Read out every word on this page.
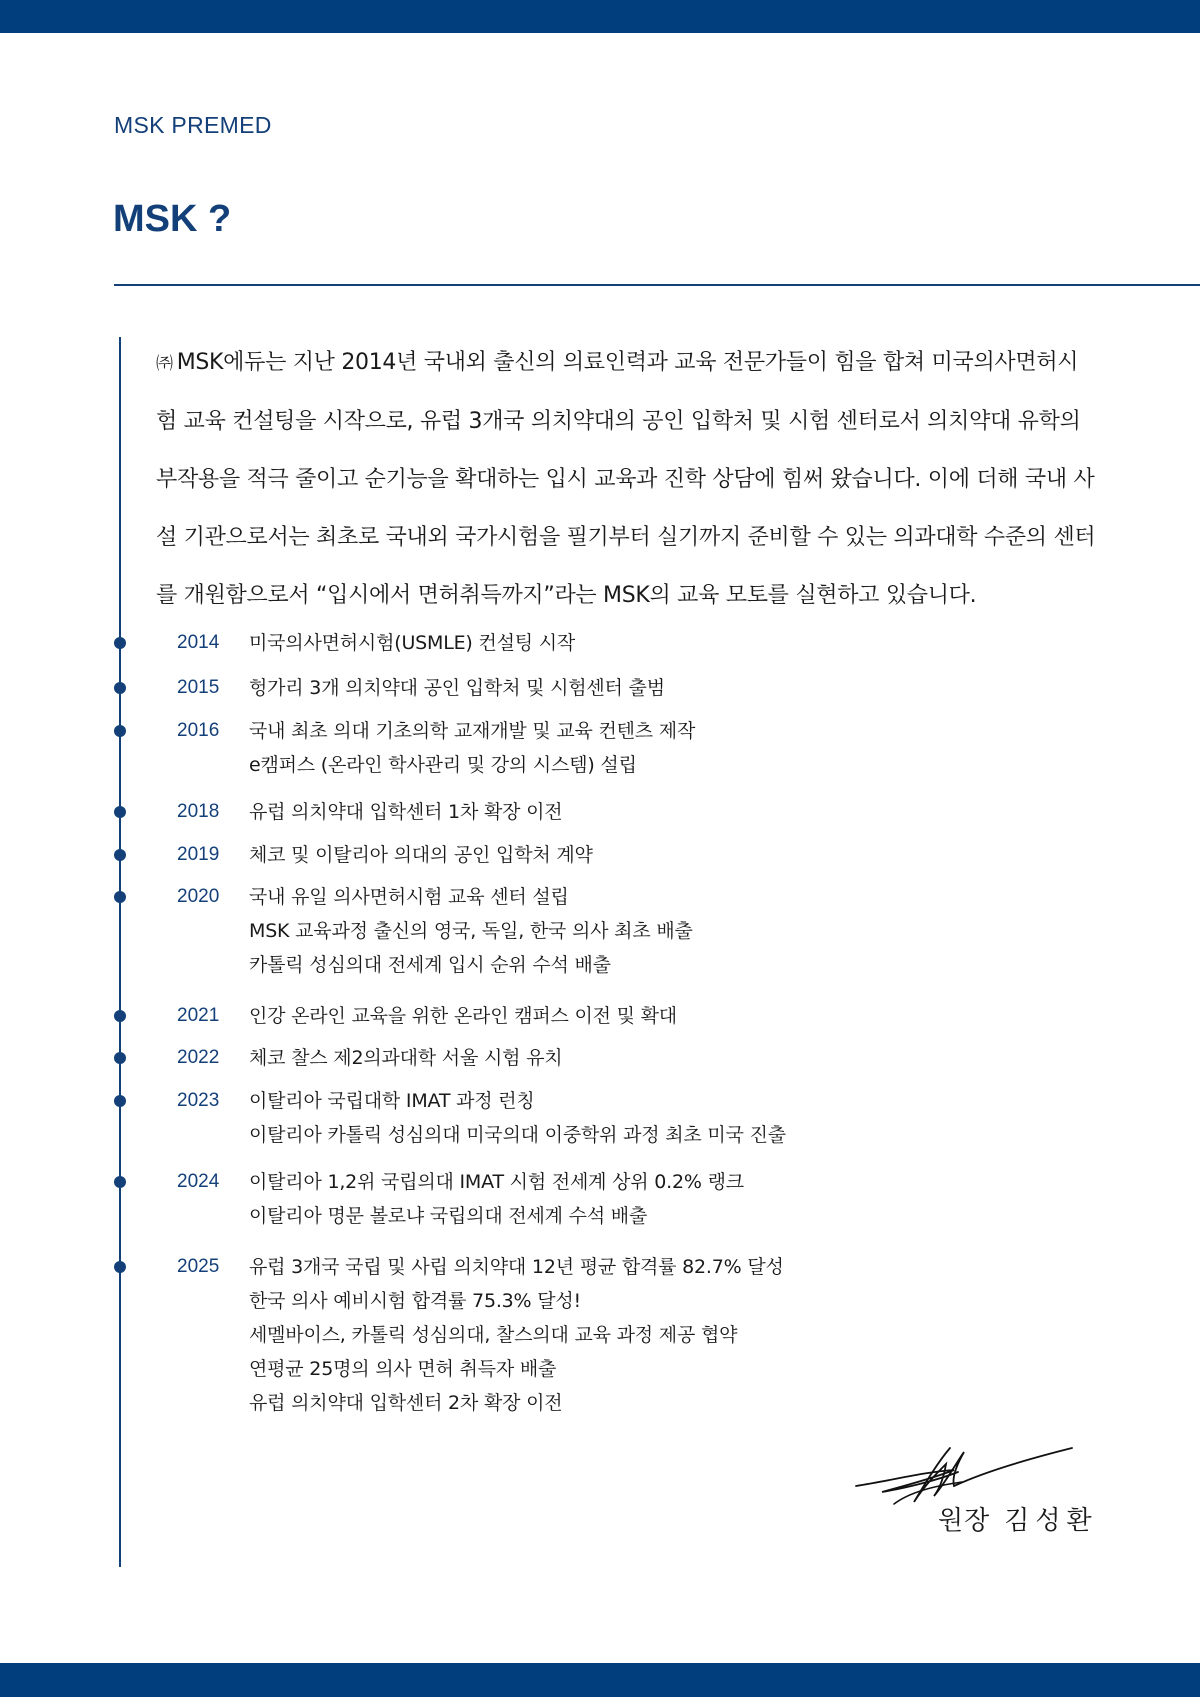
MSK PREMED
MSK ?

㈜ MSK에듀는 지난 2014년 국내외 출신의 의료인력과 교육 전문가들이 힘을 합쳐 미국의사면허시험 교육 컨설팅을 시작으로, 유럽 3개국 의치약대의 공인 입학처 및 시험 센터로서 의치약대 유학의 부작용을 적극 줄이고 순기능을 확대하는 입시 교육과 진학 상담에 힘써 왔습니다. 이에 더해 국내 사설 기관으로서는 최초로 국내외 국가시험을 필기부터 실기까지 준비할 수 있는 의과대학 수준의 센터를 개원함으로서 “입시에서 면허취득까지”라는 MSK의 교육 모토를 실현하고 있습니다.

2014 미국의사면허시험(USMLE) 컨설팅 시작
2015 헝가리 3개 의치약대 공인 입학처 및 시험센터 출범
2016 국내 최초 의대 기초의학 교재개발 및 교육 컨텐츠 제작
e캠퍼스 (온라인 학사관리 및 강의 시스템) 설립
2018 유럽 의치약대 입학센터 1차 확장 이전
2019 체코 및 이탈리아 의대의 공인 입학처 계약
2020 국내 유일 의사면허시험 교육 센터 설립
MSK 교육과정 출신의 영국, 독일, 한국 의사 최초 배출
카톨릭 성심의대 전세계 입시 순위 수석 배출
2021 인강 온라인 교육을 위한 온라인 캠퍼스 이전 및 확대
2022 체코 찰스 제2의과대학 서울 시험 유치
2023 이탈리아 국립대학 IMAT 과정 런칭
이탈리아 카톨릭 성심의대 미국의대 이중학위 과정 최초 미국 진출
2024 이탈리아 1,2위 국립의대 IMAT 시험 전세계 상위 0.2% 랭크
이탈리아 명문 볼로냐 국립의대 전세계 수석 배출
2025 유럽 3개국 국립 및 사립 의치약대 12년 평균 합격률 82.7% 달성
한국 의사 예비시험 합격률 75.3% 달성!
세멜바이스, 카톨릭 성심의대, 찰스의대 교육 과정 제공 협약
연평균 25명의 의사 면허 취득자 배출
유럽 의치약대 입학센터 2차 확장 이전
원장 김성환
